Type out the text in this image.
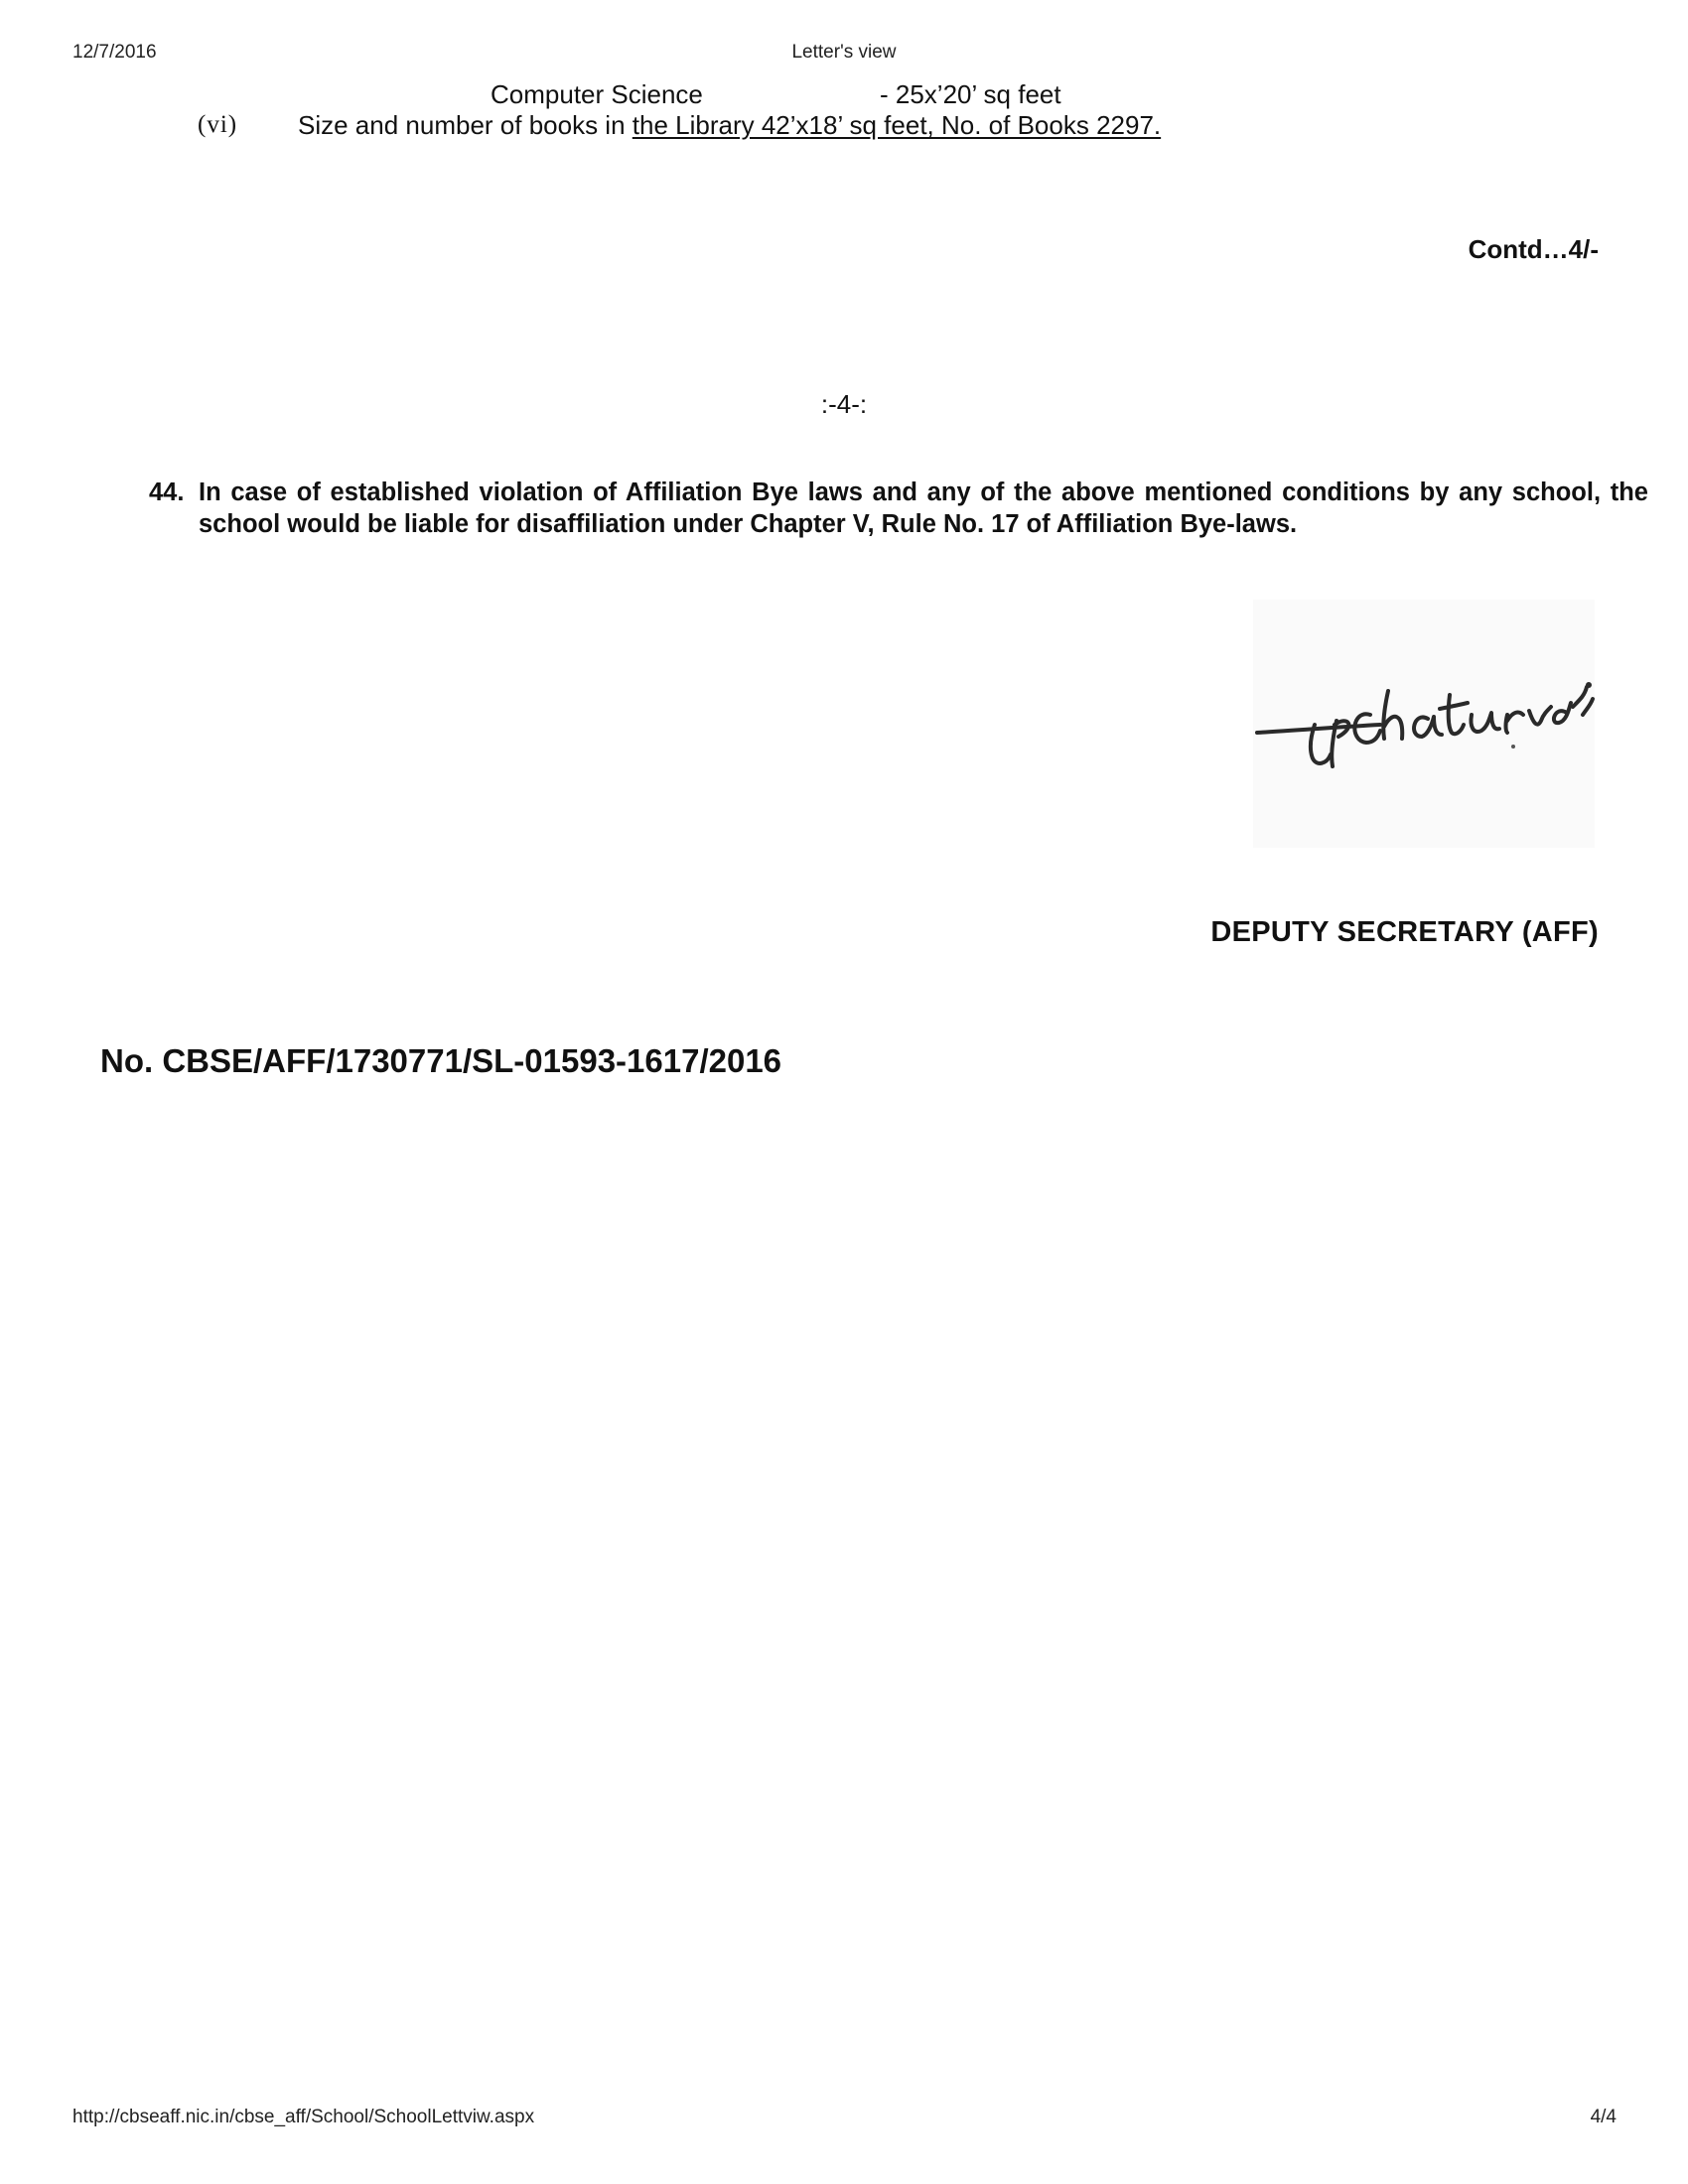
12/7/2016	Letter's view
Computer Science	- 25x’20’ sq feet
(vi) Size and number of books in the Library 42’x18’ sq feet, No. of Books 2297.
Contd…4/-
:-4-:
44. In case of established violation of Affiliation Bye laws and any of the above mentioned conditions by any school, the school would be liable for disaffiliation under Chapter V, Rule No. 17 of Affiliation Bye-laws.
DEPUTY SECRETARY (AFF)
No. CBSE/AFF/1730771/SL-01593-1617/2016
http://cbseaff.nic.in/cbse_aff/School/SchoolLettviw.aspx	4/4
